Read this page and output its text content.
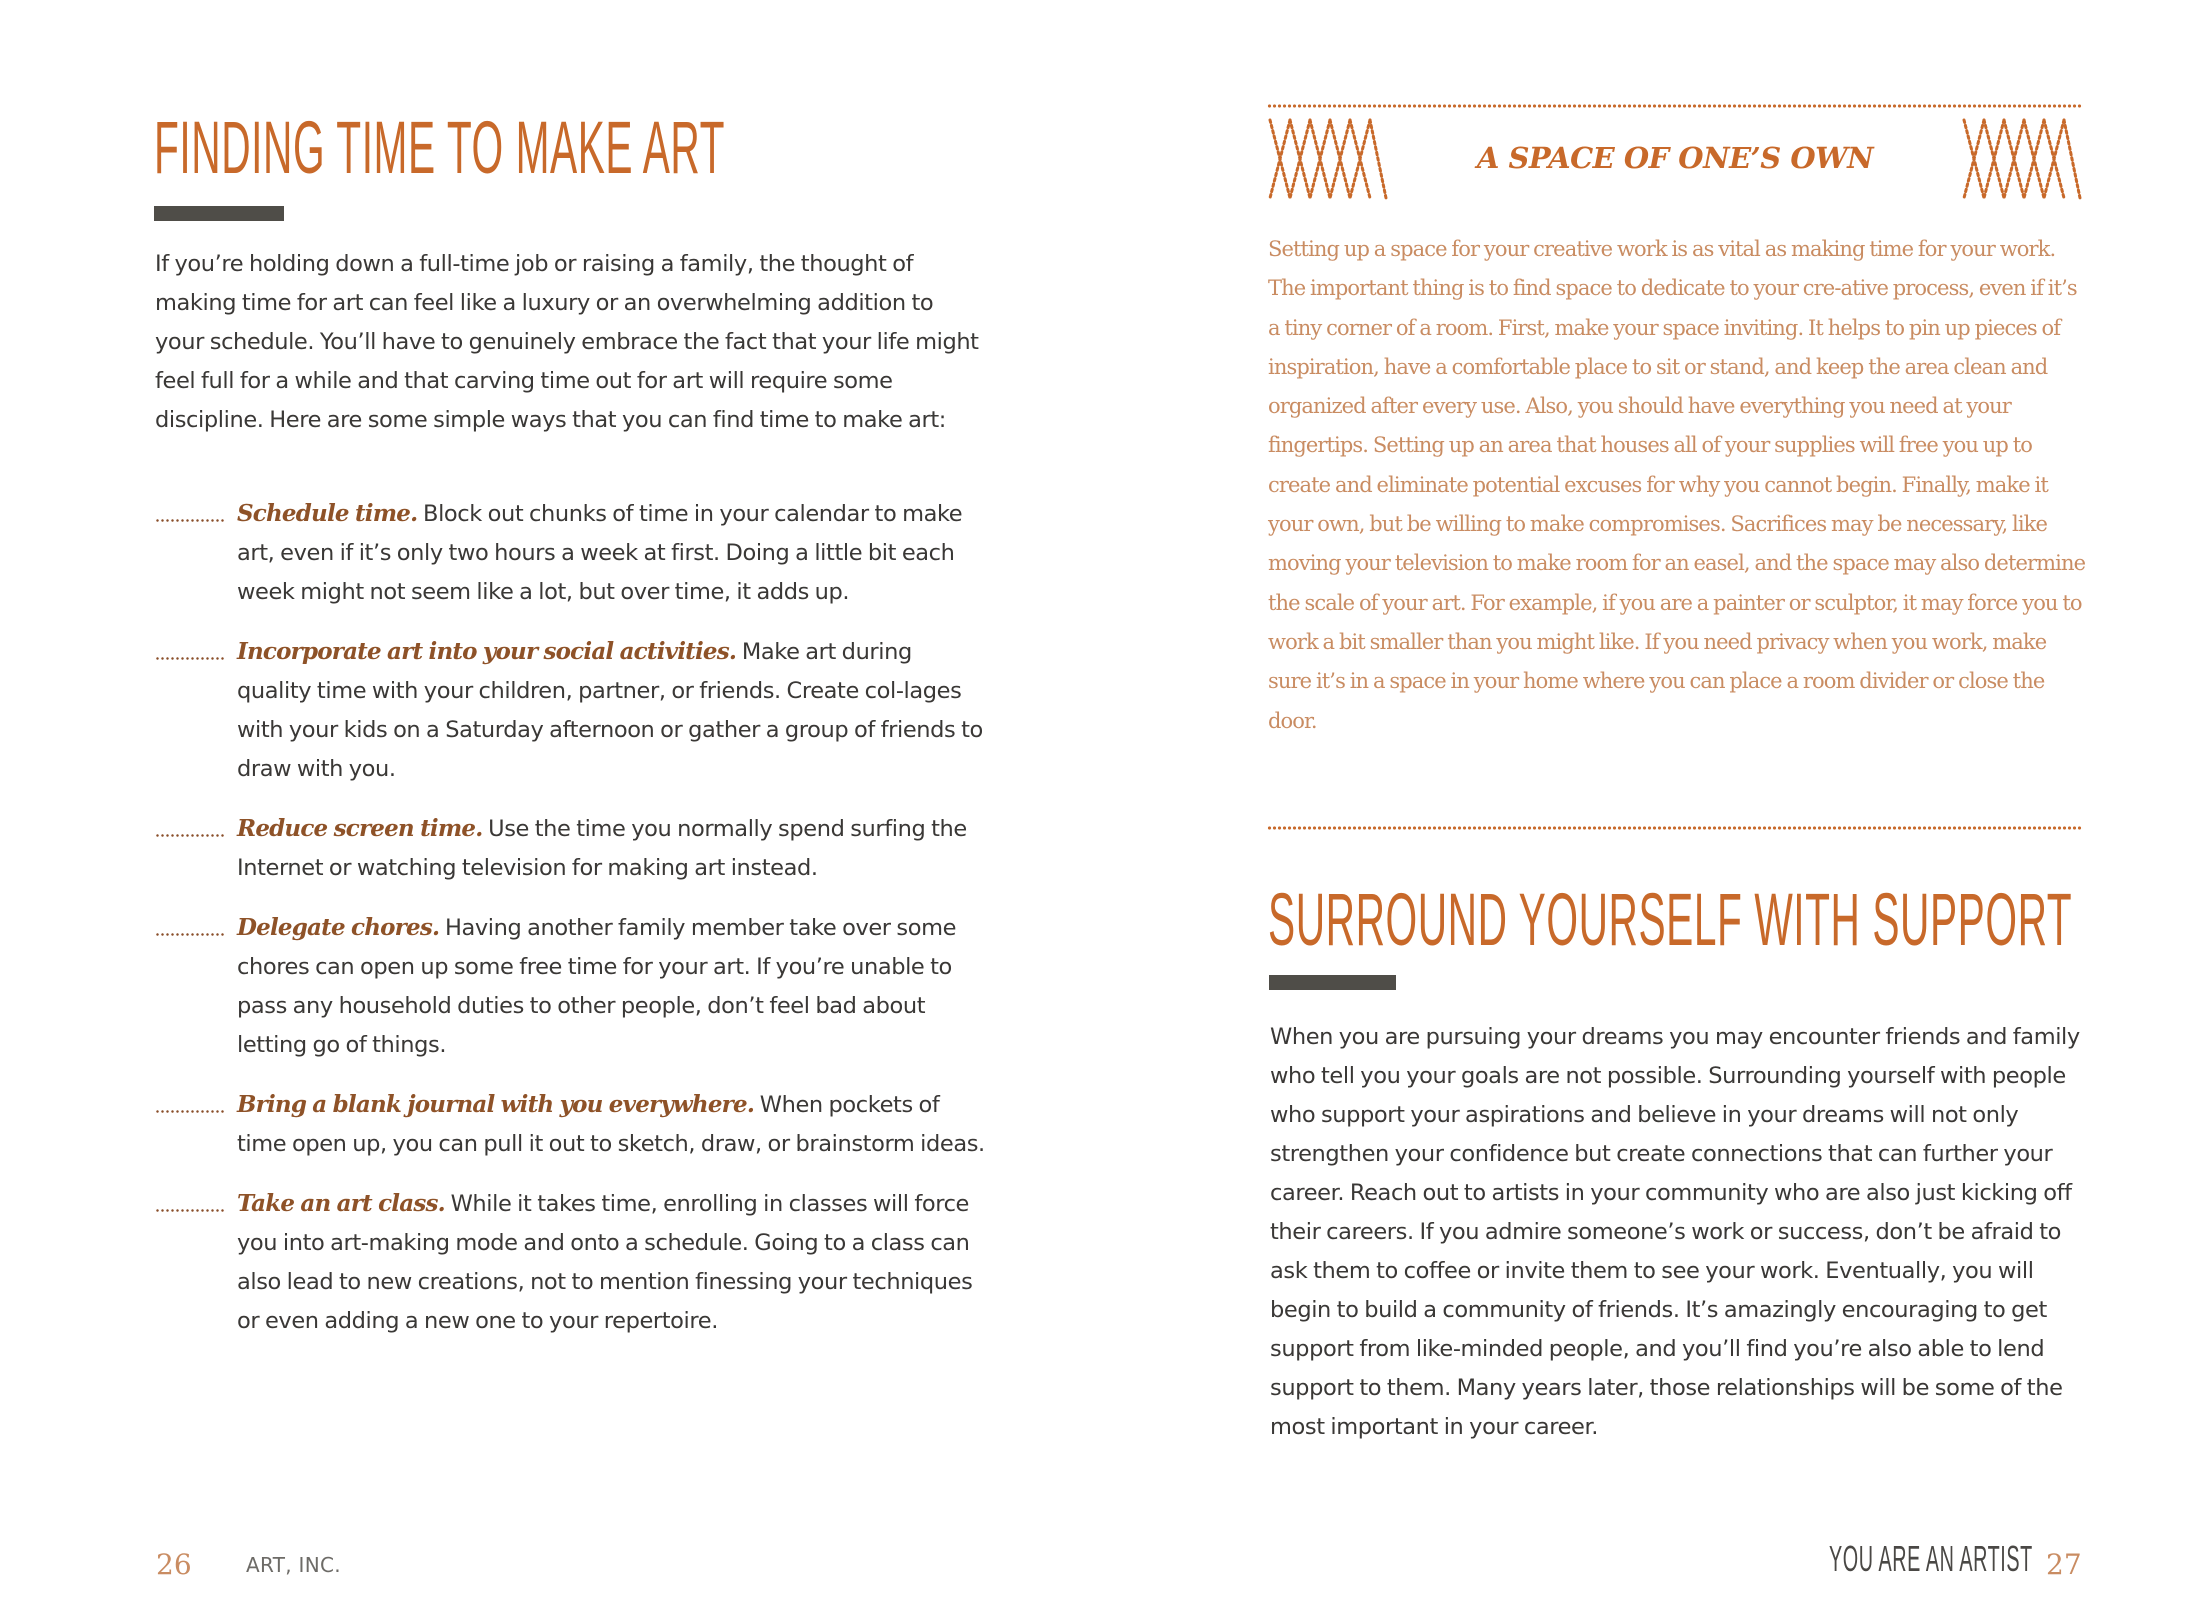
FINDING TIME TO MAKE ART

If you’re holding down a full-time job or raising a family, the thought of making time for art can feel like a luxury or an overwhelming addition to your schedule. You’ll have to genuinely embrace the fact that your life might feel full for a while and that carving time out for art will require some discipline. Here are some simple ways that you can find time to make art:

Schedule time. Block out chunks of time in your calendar to make art, even if it’s only two hours a week at first. Doing a little bit each week might not seem like a lot, but over time, it adds up.

Incorporate art into your social activities. Make art during quality time with your children, partner, or friends. Create col-lages with your kids on a Saturday afternoon or gather a group of friends to draw with you.

Reduce screen time. Use the time you normally spend surfing the Internet or watching television for making art instead.

Delegate chores. Having another family member take over some chores can open up some free time for your art. If you’re unable to pass any household duties to other people, don’t feel bad about letting go of things.

Bring a blank journal with you everywhere. When pockets of time open up, you can pull it out to sketch, draw, or brainstorm ideas.

Take an art class. While it takes time, enrolling in classes will force you into art-making mode and onto a schedule. Going to a class can also lead to new creations, not to mention finessing your techniques or even adding a new one to your repertoire.

26	ART, INC.
A SPACE OF ONE’S OWN

Setting up a space for your creative work is as vital as making time for your work. The important thing is to find space to dedicate to your cre-ative process, even if it’s a tiny corner of a room. First, make your space inviting. It helps to pin up pieces of inspiration, have a comfortable place to sit or stand, and keep the area clean and organized after every use. Also, you should have everything you need at your fingertips. Setting up an area that houses all of your supplies will free you up to create and eliminate potential excuses for why you cannot begin. Finally, make it your own, but be willing to make compromises. Sacrifices may be necessary, like moving your television to make room for an easel, and the space may also determine the scale of your art. For example, if you are a painter or sculptor, it may force you to work a bit smaller than you might like. If you need privacy when you work, make sure it’s in a space in your home where you can place a room divider or close the door.

SURROUND YOURSELF WITH SUPPORT

When you are pursuing your dreams you may encounter friends and family who tell you your goals are not possible. Surrounding yourself with people who support your aspirations and believe in your dreams will not only strengthen your confidence but create connections that can further your career. Reach out to artists in your community who are also just kicking off their careers. If you admire someone’s work or success, don’t be afraid to ask them to coffee or invite them to see your work. Eventually, you will begin to build a community of friends. It’s amazingly encouraging to get support from like-minded people, and you’ll find you’re also able to lend support to them. Many years later, those relationships will be some of the most important in your career.

YOU ARE AN ARTIST 27
